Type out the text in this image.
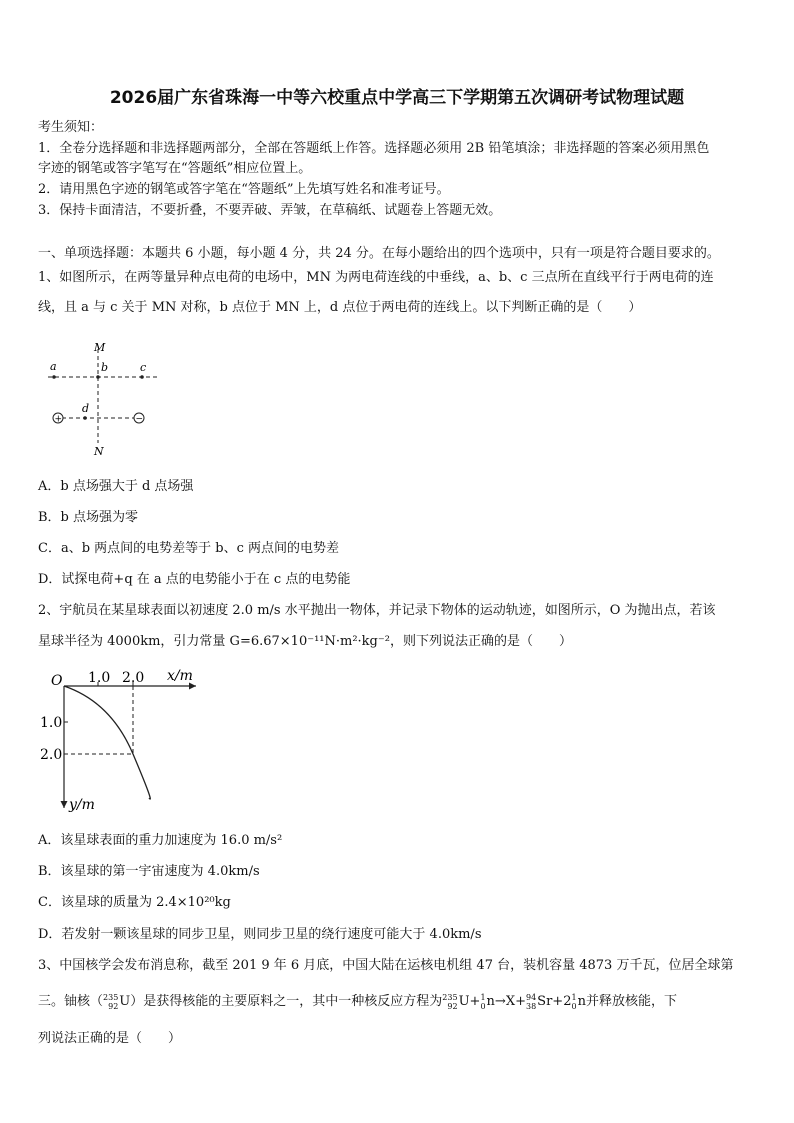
2026届广东省珠海一中等六校重点中学高三下学期第五次调研考试物理试题
考生须知：
1．全卷分选择题和非选择题两部分，全部在答题纸上作答。选择题必须用 2B 铅笔填涂；非选择题的答案必须用黑色
字迹的钢笔或答字笔写在“答题纸”相应位置上。
2．请用黑色字迹的钢笔或答字笔在“答题纸”上先填写姓名和准考证号。
3．保持卡面清洁，不要折叠，不要弄破、弄皱，在草稿纸、试题卷上答题无效。
一、单项选择题：本题共 6 小题，每小题 4 分，共 24 分。在每小题给出的四个选项中，只有一项是符合题目要求的。
1、如图所示，在两等量异种点电荷的电场中，MN 为两电荷连线的中垂线，a、b、c 三点所在直线平行于两电荷的连
线，且 a 与 c 关于 MN 对称，b 点位于 MN 上，d 点位于两电荷的连线上。以下判断正确的是（　　）
+	−
M
N
a	b	c
d
A．b 点场强大于 d 点场强
B．b 点场强为零
C．a、b 两点间的电势差等于 b、c 两点间的电势差
D．试探电荷+q 在 a 点的电势能小于在 c 点的电势能
2、宇航员在某星球表面以初速度 2.0 m/s 水平抛出一物体，并记录下物体的运动轨迹，如图所示，O 为抛出点，若该
星球半径为 4000km，引力常量 G=6.67×10⁻¹¹N·m²·kg⁻²，则下列说法正确的是（　　）
O 1.0 2.0 x/m
1.0
2.0
y/m
A．该星球表面的重力加速度为 16.0 m/s²
B．该星球的第一宇宙速度为 4.0km/s
C．该星球的质量为 2.4×10²⁰kg
D．若发射一颗该星球的同步卫星，则同步卫星的绕行速度可能大于 4.0km/s
3、中国核学会发布消息称，截至 201 9 年 6 月底，中国大陆在运核电机组 47 台，装机容量 4873 万千瓦，位居全球第
三。铀核（ 235
92 U）是获得核能的主要原料之一，其中一种核反应方程为 235
92 U+ 1
0 n→X+ 94
38 Sr+2 1
0 n并释放核能，下
列说法正确的是（　　）
